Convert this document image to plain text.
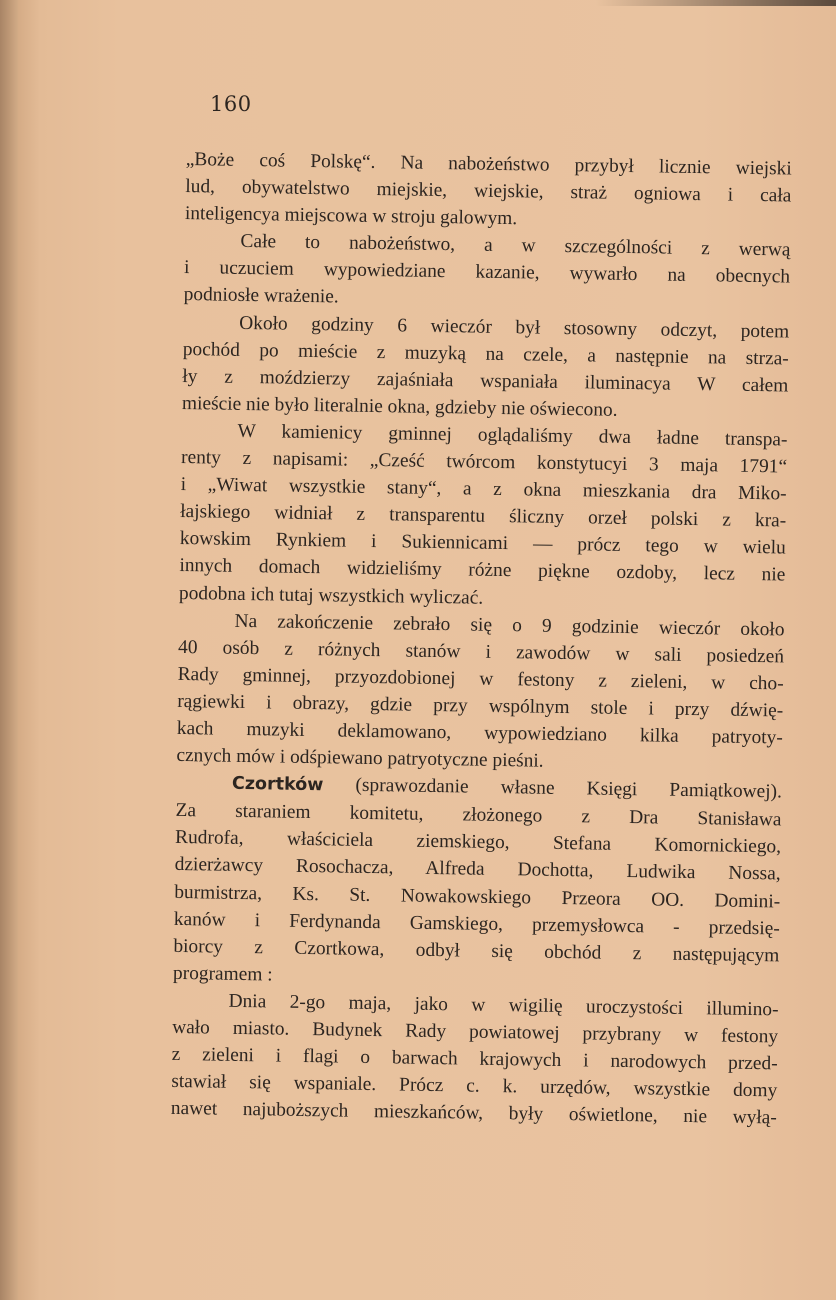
160

„Boże coś Polskę“. Na nabożeństwo przybył licznie wiejski
lud, obywatelstwo miejskie, wiejskie, straż ogniowa i cała
inteligencya miejscowa w stroju galowym.

Całe to nabożeństwo, a w szczególności z werwą
i uczuciem wypowiedziane kazanie, wywarło na obecnych
podniosłe wrażenie.

Około godziny 6 wieczór był stosowny odczyt, potem
pochód po mieście z muzyką na czele, a następnie na strza-
ły z moździerzy zajaśniała wspaniała iluminacya W całem
mieście nie było literalnie okna, gdzieby nie oświecono.

W kamienicy gminnej oglądaliśmy dwa ładne transpa-
renty z napisami: „Cześć twórcom konstytucyi 3 maja 1791“
i „Wiwat wszystkie stany“, a z okna mieszkania dra Miko-
łajskiego widniał z transparentu śliczny orzeł polski z kra-
kowskim Rynkiem i Sukiennicami — prócz tego w wielu
innych domach widzieliśmy różne piękne ozdoby, lecz nie
podobna ich tutaj wszystkich wyliczać.

Na zakończenie zebrało się o 9 godzinie wieczór około
40 osób z różnych stanów i zawodów w sali posiedzeń
Rady gminnej, przyozdobionej w festony z zieleni, w cho-
rągiewki i obrazy, gdzie przy wspólnym stole i przy dźwię-
kach muzyki deklamowano, wypowiedziano kilka patryoty-
cznych mów i odśpiewano patryotyczne pieśni.

Czortków (sprawozdanie własne Księgi Pamiątkowej).
Za staraniem komitetu, złożonego z Dra Stanisława
Rudrofa, właściciela ziemskiego, Stefana Komornickiego,
dzierżawcy Rosochacza, Alfreda Dochotta, Ludwika Nossa,
burmistrza, Ks. St. Nowakowskiego Przeora OO. Domini-
kanów i Ferdynanda Gamskiego, przemysłowca - przedsię-
biorcy z Czortkowa, odbył się obchód z następującym
programem :

Dnia 2-go maja, jako w wigilię uroczystości illumino-
wało miasto. Budynek Rady powiatowej przybrany w festony
z zieleni i flagi o barwach krajowych i narodowych przed-
stawiał się wspaniale. Prócz c. k. urzędów, wszystkie domy
nawet najuboższych mieszkańców, były oświetlone, nie wyłą-
